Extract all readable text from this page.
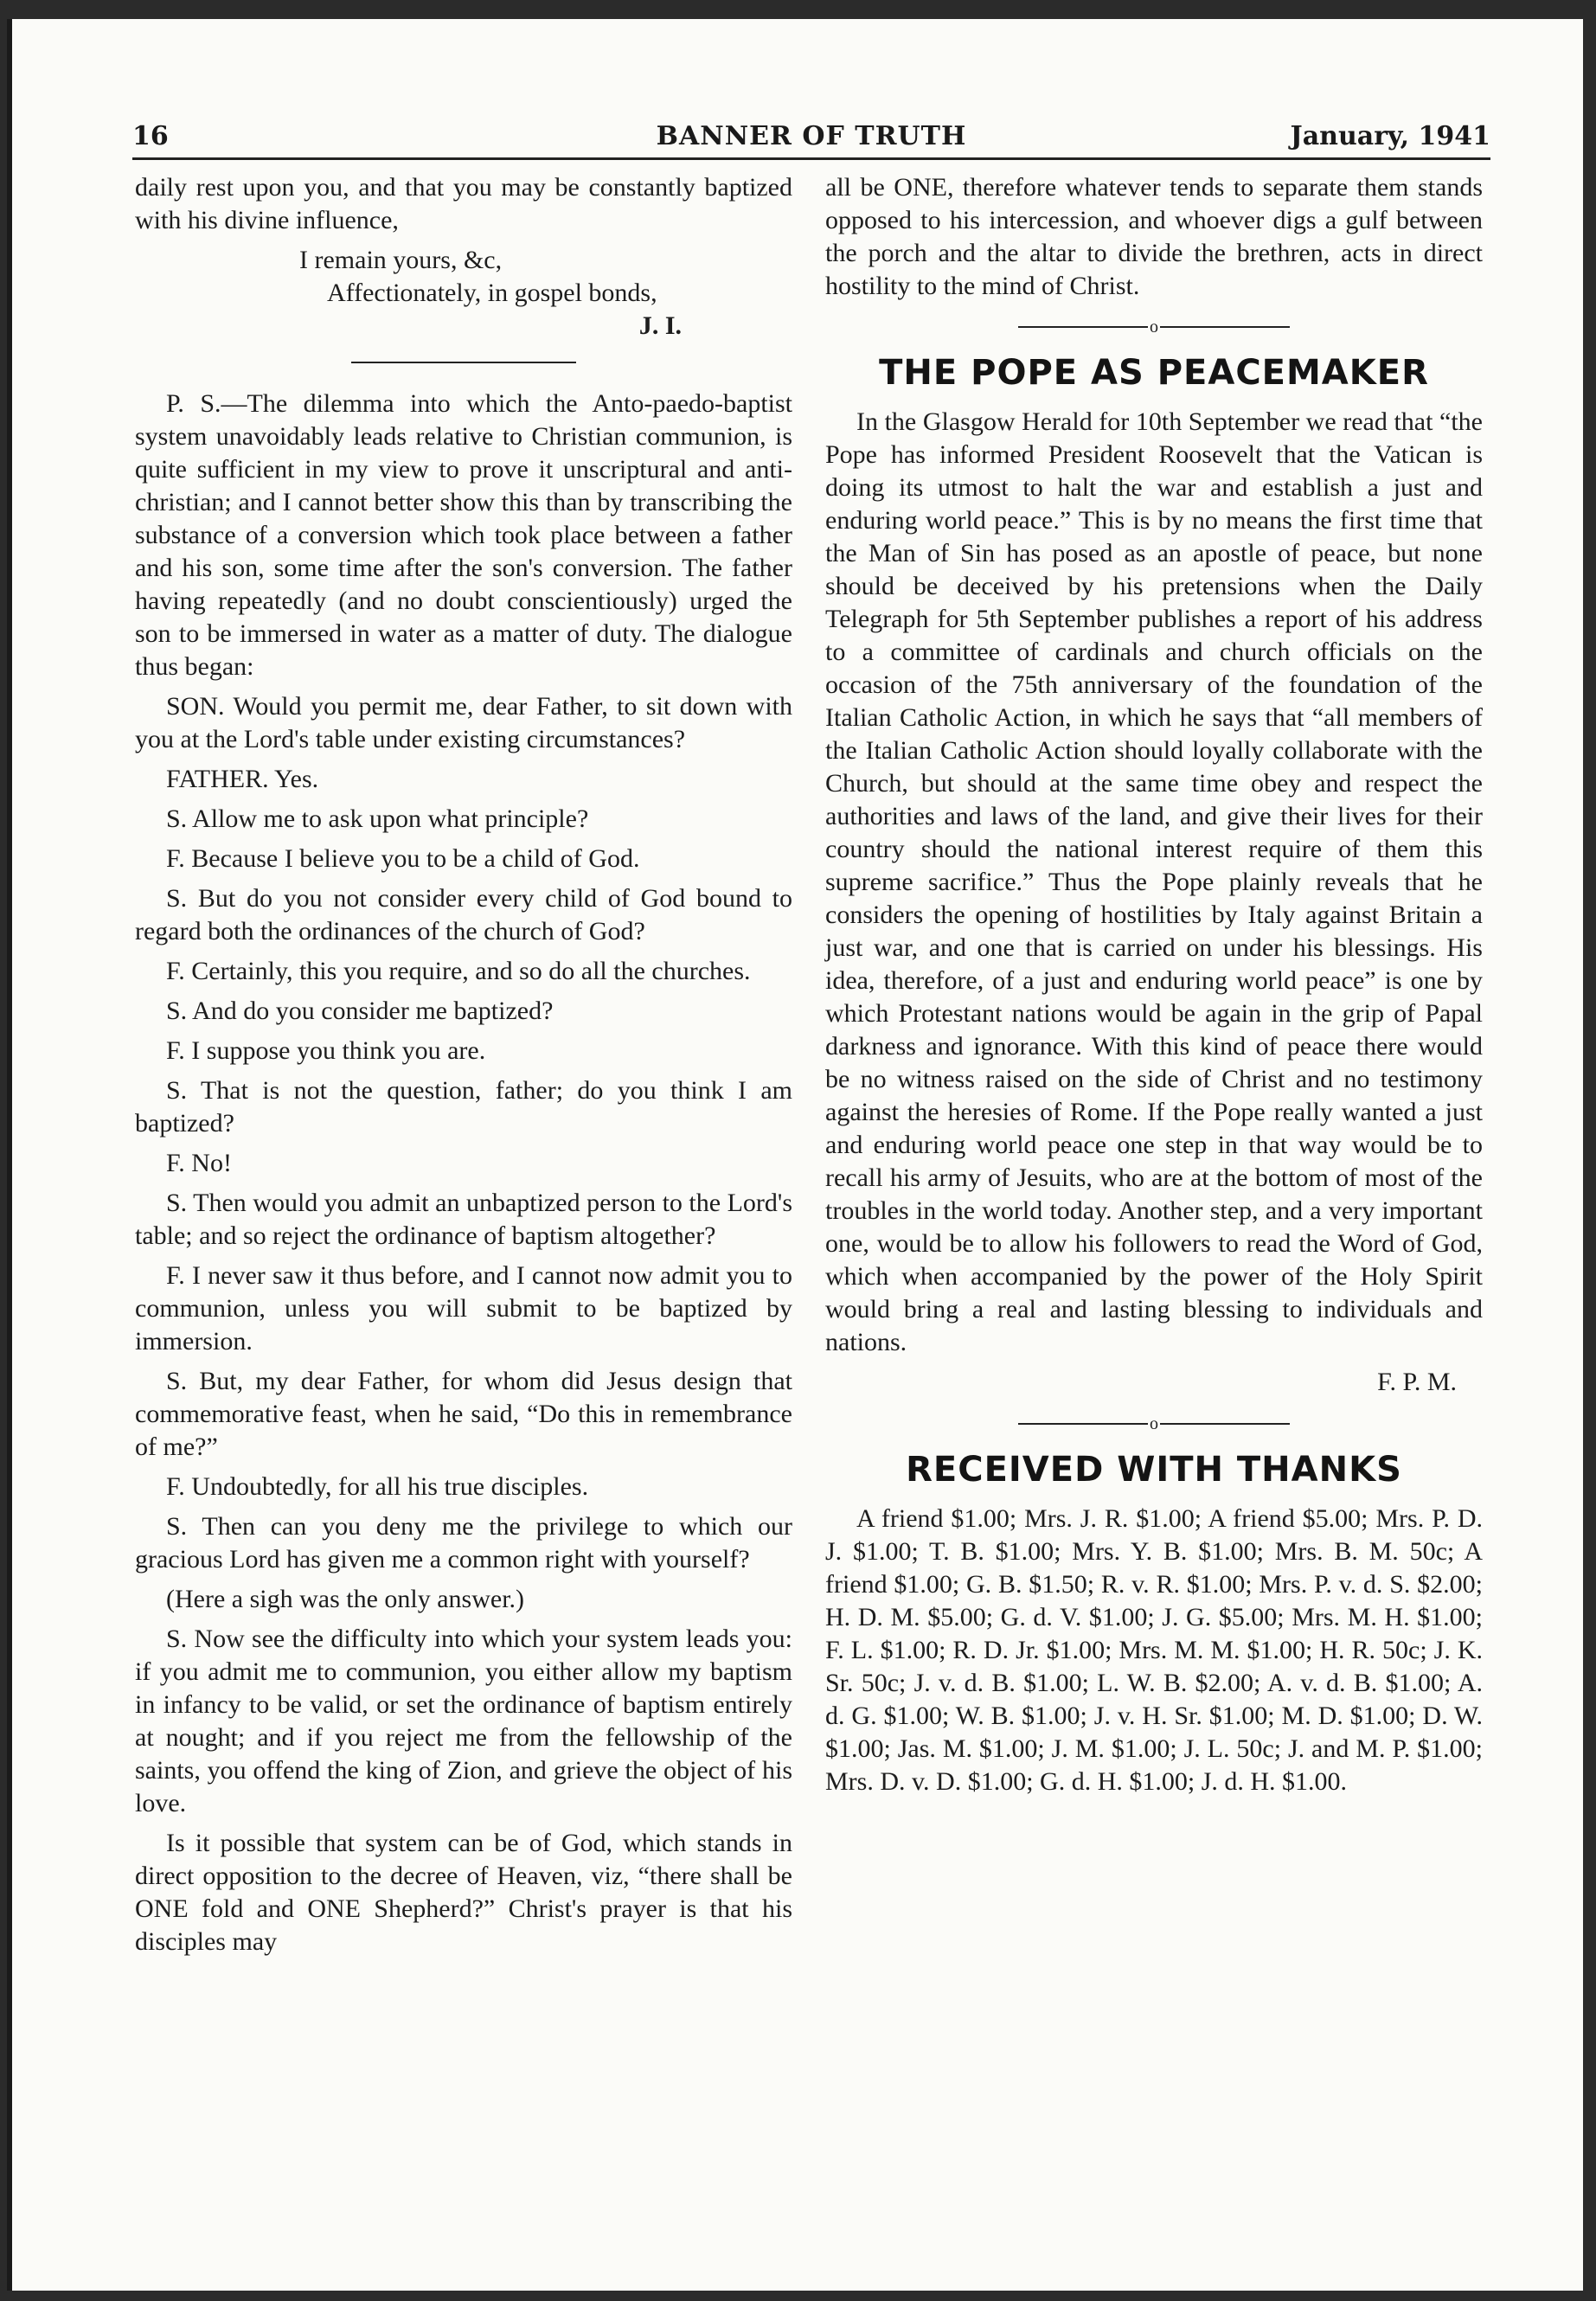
16	BANNER OF TRUTH	January, 1941

daily rest upon you, and that you may be constantly baptized with his divine influence,

I remain yours, &c,
Affectionately, in gospel bonds,
J. I.

P. S.—The dilemma into which the Anto-paedo-baptist system unavoidably leads relative to Christian communion, is quite sufficient in my view to prove it unscriptural and anti-christian; and I cannot better show this than by transcribing the substance of a conversion which took place between a father and his son, some time after the son's conversion. The father having repeatedly (and no doubt conscientiously) urged the son to be immersed in water as a matter of duty. The dialogue thus began:

SON. Would you permit me, dear Father, to sit down with you at the Lord's table under existing circumstances?

FATHER. Yes.

S. Allow me to ask upon what principle?

F. Because I believe you to be a child of God.

S. But do you not consider every child of God bound to regard both the ordinances of the church of God?

F. Certainly, this you require, and so do all the churches.

S. And do you consider me baptized?

F. I suppose you think you are.

S. That is not the question, father; do you think I am baptized?

F. No!

S. Then would you admit an unbaptized person to the Lord's table; and so reject the ordinance of baptism altogether?

F. I never saw it thus before, and I cannot now admit you to communion, unless you will submit to be baptized by immersion.

S. But, my dear Father, for whom did Jesus design that commemorative feast, when he said, “Do this in remembrance of me?”

F. Undoubtedly, for all his true disciples.

S. Then can you deny me the privilege to which our gracious Lord has given me a common right with yourself?

(Here a sigh was the only answer.)

S. Now see the difficulty into which your system leads you: if you admit me to communion, you either allow my baptism in infancy to be valid, or set the ordinance of baptism entirely at nought; and if you reject me from the fellowship of the saints, you offend the king of Zion, and grieve the object of his love.

Is it possible that system can be of God, which stands in direct opposition to the decree of Heaven, viz, “there shall be ONE fold and ONE Shepherd?” Christ's prayer is that his disciples may

all be ONE, therefore whatever tends to separate them stands opposed to his intercession, and whoever digs a gulf between the porch and the altar to divide the brethren, acts in direct hostility to the mind of Christ.

o
THE POPE AS PEACEMAKER

In the Glasgow Herald for 10th September we read that “the Pope has informed President Roosevelt that the Vatican is doing its utmost to halt the war and establish a just and enduring world peace.” This is by no means the first time that the Man of Sin has posed as an apostle of peace, but none should be deceived by his pretensions when the Daily Telegraph for 5th September publishes a report of his address to a committee of cardinals and church officials on the occasion of the 75th anniversary of the foundation of the Italian Catholic Action, in which he says that “all members of the Italian Catholic Action should loyally collaborate with the Church, but should at the same time obey and respect the authorities and laws of the land, and give their lives for their country should the national interest require of them this supreme sacrifice.” Thus the Pope plainly reveals that he considers the opening of hostilities by Italy against Britain a just war, and one that is carried on under his blessings. His idea, therefore, of a just and enduring world peace” is one by which Protestant nations would be again in the grip of Papal darkness and ignorance. With this kind of peace there would be no witness raised on the side of Christ and no testimony against the heresies of Rome. If the Pope really wanted a just and enduring world peace one step in that way would be to recall his army of Jesuits, who are at the bottom of most of the troubles in the world today. Another step, and a very important one, would be to allow his followers to read the Word of God, which when accompanied by the power of the Holy Spirit would bring a real and lasting blessing to individuals and nations.

F. P. M.

o
RECEIVED WITH THANKS

A friend $1.00; Mrs. J. R. $1.00; A friend $5.00; Mrs. P. D. J. $1.00; T. B. $1.00; Mrs. Y. B. $1.00; Mrs. B. M. 50c; A friend $1.00; G. B. $1.50; R. v. R. $1.00; Mrs. P. v. d. S. $2.00; H. D. M. $5.00; G. d. V. $1.00; J. G. $5.00; Mrs. M. H. $1.00; F. L. $1.00; R. D. Jr. $1.00; Mrs. M. M. $1.00; H. R. 50c; J. K. Sr. 50c; J. v. d. B. $1.00; L. W. B. $2.00; A. v. d. B. $1.00; A. d. G. $1.00; W. B. $1.00; J. v. H. Sr. $1.00; M. D. $1.00; D. W. $1.00; Jas. M. $1.00; J. M. $1.00; J. L. 50c; J. and M. P. $1.00; Mrs. D. v. D. $1.00; G. d. H. $1.00; J. d. H. $1.00.
